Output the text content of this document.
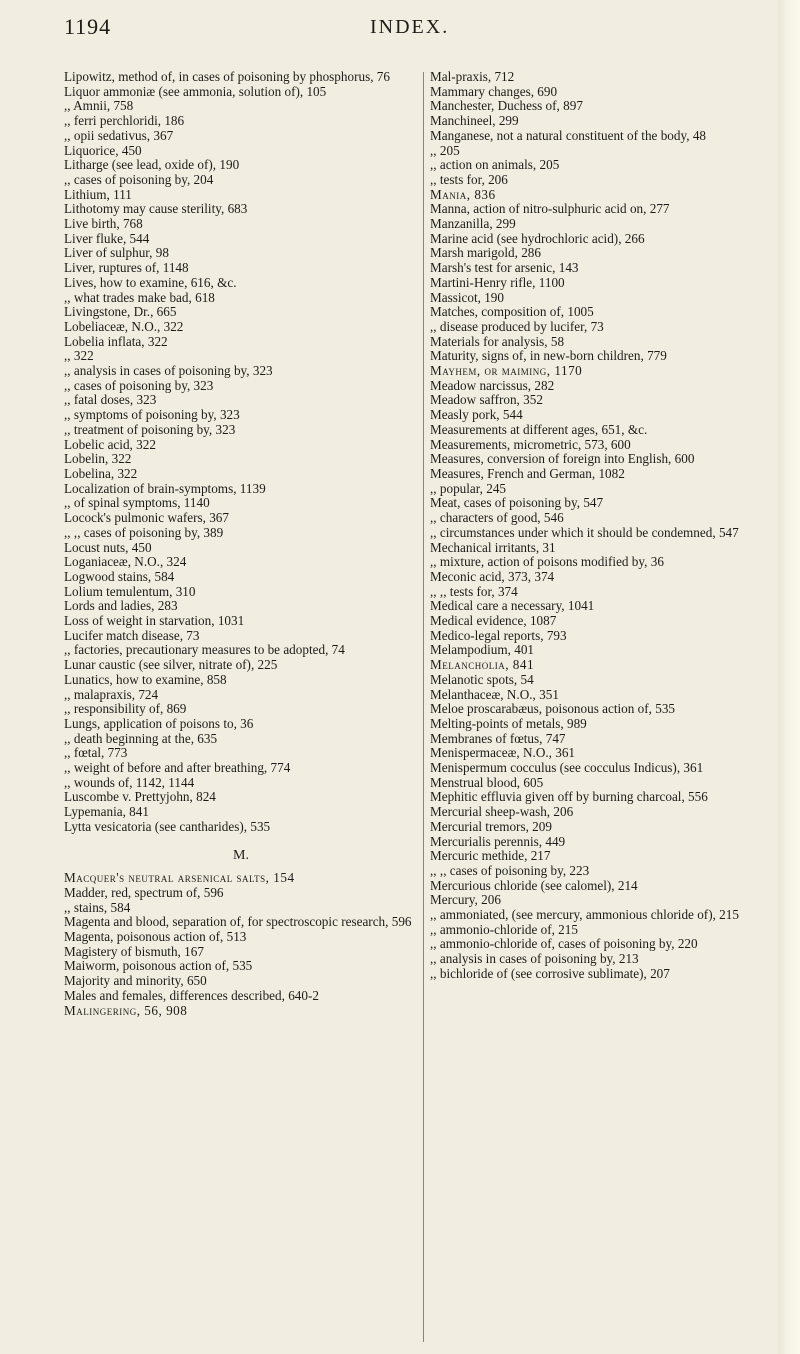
1194	INDEX.
Lipowitz, method of, in cases of poisoning by phosphorus, 76
Liquor ammoniæ (see ammonia, solution of), 105
,, Amnii, 758
,, ferri perchloridi, 186
,, opii sedativus, 367
Liquorice, 450
Litharge (see lead, oxide of), 190
,, cases of poisoning by, 204
Lithium, 111
Lithotomy may cause sterility, 683
Live birth, 768
Liver fluke, 544
Liver of sulphur, 98
Liver, ruptures of, 1148
Lives, how to examine, 616, &c.
,, what trades make bad, 618
Livingstone, Dr., 665
Lobeliaceæ, N.O., 322
Lobelia inflata, 322
,, 322
,, analysis in cases of poisoning by, 323
,, cases of poisoning by, 323
,, fatal doses, 323
,, symptoms of poisoning by, 323
,, treatment of poisoning by, 323
Lobelic acid, 322
Lobelin, 322
Lobelina, 322
Localization of brain-symptoms, 1139
,, of spinal symptoms, 1140
Locock's pulmonic wafers, 367
,, ,, cases of poisoning by, 389
Locust nuts, 450
Loganiaceæ, N.O., 324
Logwood stains, 584
Lolium temulentum, 310
Lords and ladies, 283
Loss of weight in starvation, 1031
Lucifer match disease, 73
,, factories, precautionary measures to be adopted, 74
Lunar caustic (see silver, nitrate of), 225
Lunatics, how to examine, 858
,, malapraxis, 724
,, responsibility of, 869
Lungs, application of poisons to, 36
,, death beginning at the, 635
,, fœtal, 773
,, weight of before and after breathing, 774
,, wounds of, 1142, 1144
Luscombe v. Prettyjohn, 824
Lypemania, 841
Lytta vesicatoria (see cantharides), 535
M.
Macquer's neutral arsenical salts, 154
Madder, red, spectrum of, 596
,, stains, 584
Magenta and blood, separation of, for spectroscopic research, 596
Magenta, poisonous action of, 513
Magistery of bismuth, 167
Maiworm, poisonous action of, 535
Majority and minority, 650
Males and females, differences described, 640-2
Malingering, 56, 908
Mal-praxis, 712
Mammary changes, 690
Manchester, Duchess of, 897
Manchineel, 299
Manganese, not a natural constituent of the body, 48
,, 205
,, action on animals, 205
,, tests for, 206
Mania, 836
Manna, action of nitro-sulphuric acid on, 277
Manzanilla, 299
Marine acid (see hydrochloric acid), 266
Marsh marigold, 286
Marsh's test for arsenic, 143
Martini-Henry rifle, 1100
Massicot, 190
Matches, composition of, 1005
,, disease produced by lucifer, 73
Materials for analysis, 58
Maturity, signs of, in new-born children, 779
Mayhem, or maiming, 1170
Meadow narcissus, 282
Meadow saffron, 352
Measly pork, 544
Measurements at different ages, 651, &c.
Measurements, micrometric, 573, 600
Measures, conversion of foreign into English, 600
Measures, French and German, 1082
,, popular, 245
Meat, cases of poisoning by, 547
,, characters of good, 546
,, circumstances under which it should be condemned, 547
Mechanical irritants, 31
,, mixture, action of poisons modified by, 36
Meconic acid, 373, 374
,, ,, tests for, 374
Medical care a necessary, 1041
Medical evidence, 1087
Medico-legal reports, 793
Melampodium, 401
Melancholia, 841
Melanotic spots, 54
Melanthaceæ, N.O., 351
Meloe proscarabæus, poisonous action of, 535
Melting-points of metals, 989
Membranes of fœtus, 747
Menispermaceæ, N.O., 361
Menispermum cocculus (see cocculus Indicus), 361
Menstrual blood, 605
Mephitic effluvia given off by burning charcoal, 556
Mercurial sheep-wash, 206
Mercurial tremors, 209
Mercurialis perennis, 449
Mercuric methide, 217
,, ,, cases of poisoning by, 223
Mercurious chloride (see calomel), 214
Mercury, 206
,, ammoniated, (see mercury, ammonious chloride of), 215
,, ammonio-chloride of, 215
,, ammonio-chloride of, cases of poisoning by, 220
,, analysis in cases of poisoning by, 213
,, bichloride of (see corrosive sublimate), 207
